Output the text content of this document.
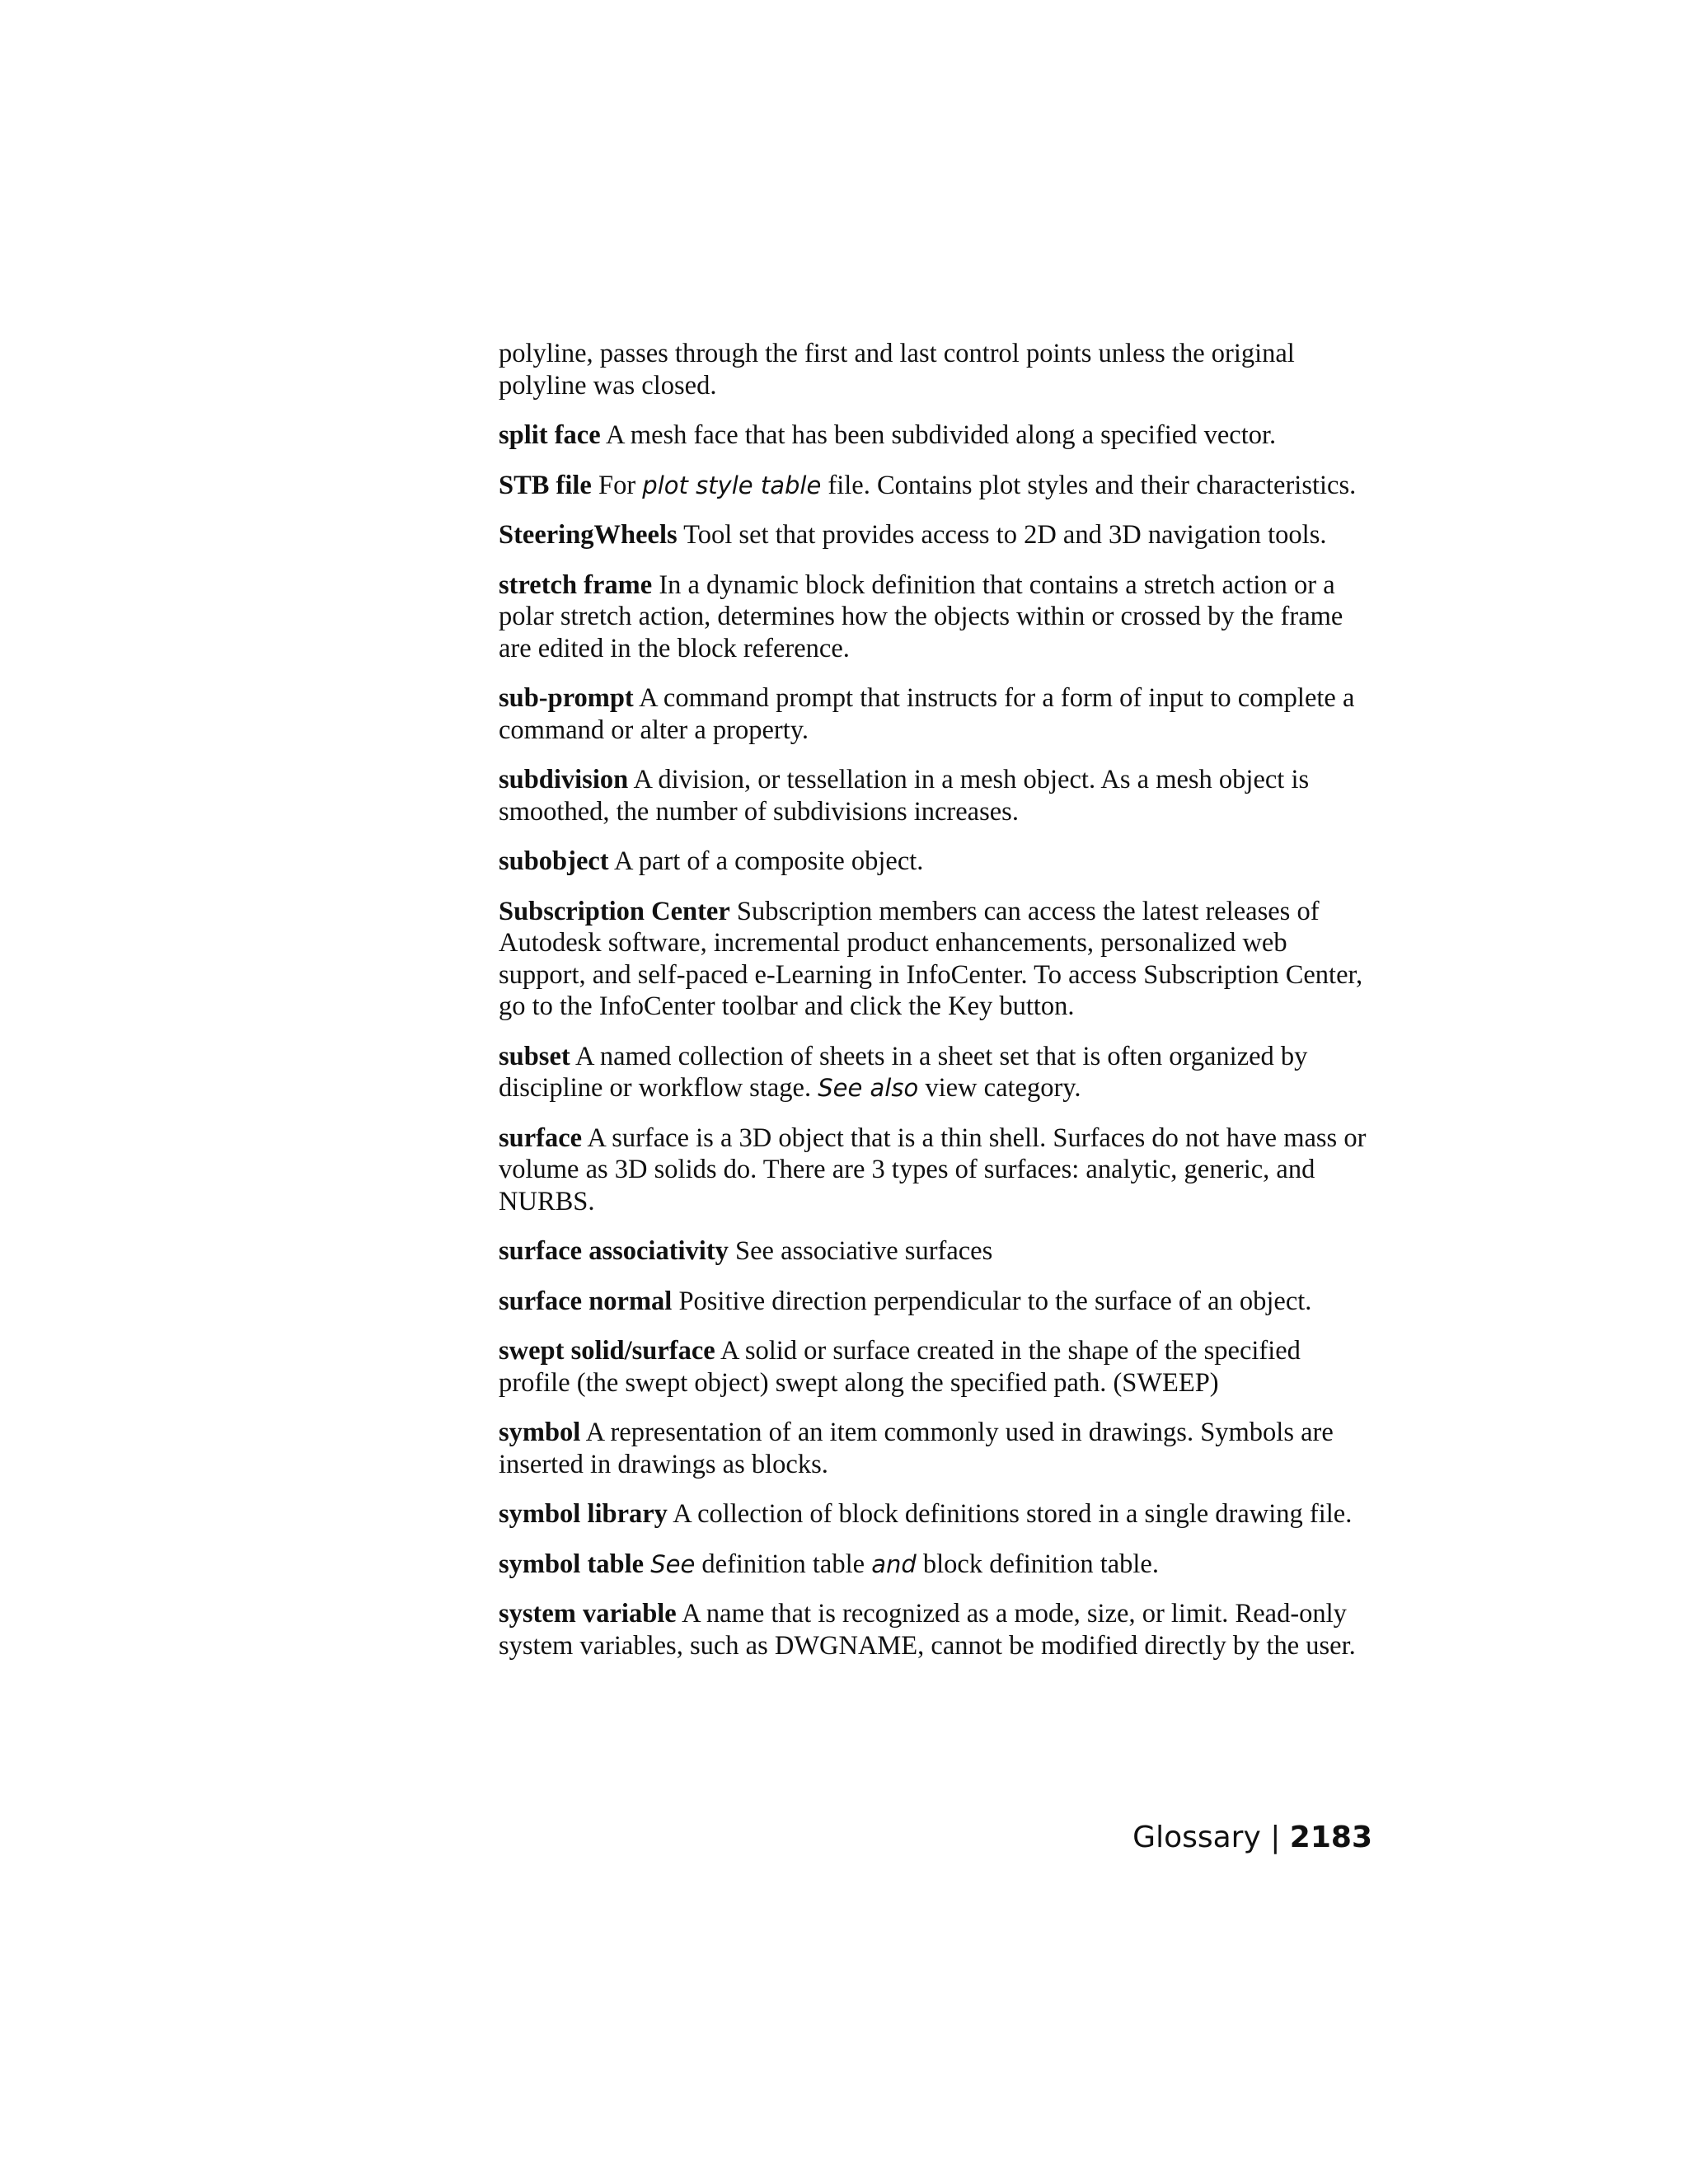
polyline, passes through the first and last control points unless the original polyline was closed.

split face A mesh face that has been subdivided along a specified vector.

STB file For plot style table file. Contains plot styles and their characteristics.

SteeringWheels Tool set that provides access to 2D and 3D navigation tools.

stretch frame In a dynamic block definition that contains a stretch action or a polar stretch action, determines how the objects within or crossed by the frame are edited in the block reference.

sub-prompt A command prompt that instructs for a form of input to complete a command or alter a property.

subdivision A division, or tessellation in a mesh object. As a mesh object is smoothed, the number of subdivisions increases.

subobject A part of a composite object.

Subscription Center Subscription members can access the latest releases of Autodesk software, incremental product enhancements, personalized web support, and self-paced e-Learning in InfoCenter. To access Subscription Center, go to the InfoCenter toolbar and click the Key button.

subset A named collection of sheets in a sheet set that is often organized by discipline or workflow stage. See also view category.

surface A surface is a 3D object that is a thin shell. Surfaces do not have mass or volume as 3D solids do. There are 3 types of surfaces: analytic, generic, and NURBS.

surface associativity See associative surfaces

surface normal Positive direction perpendicular to the surface of an object.

swept solid/surface A solid or surface created in the shape of the specified profile (the swept object) swept along the specified path. (SWEEP)

symbol A representation of an item commonly used in drawings. Symbols are inserted in drawings as blocks.

symbol library A collection of block definitions stored in a single drawing file.

symbol table See definition table and block definition table.

system variable A name that is recognized as a mode, size, or limit. Read-only system variables, such as DWGNAME, cannot be modified directly by the user.

Glossary | 2183
